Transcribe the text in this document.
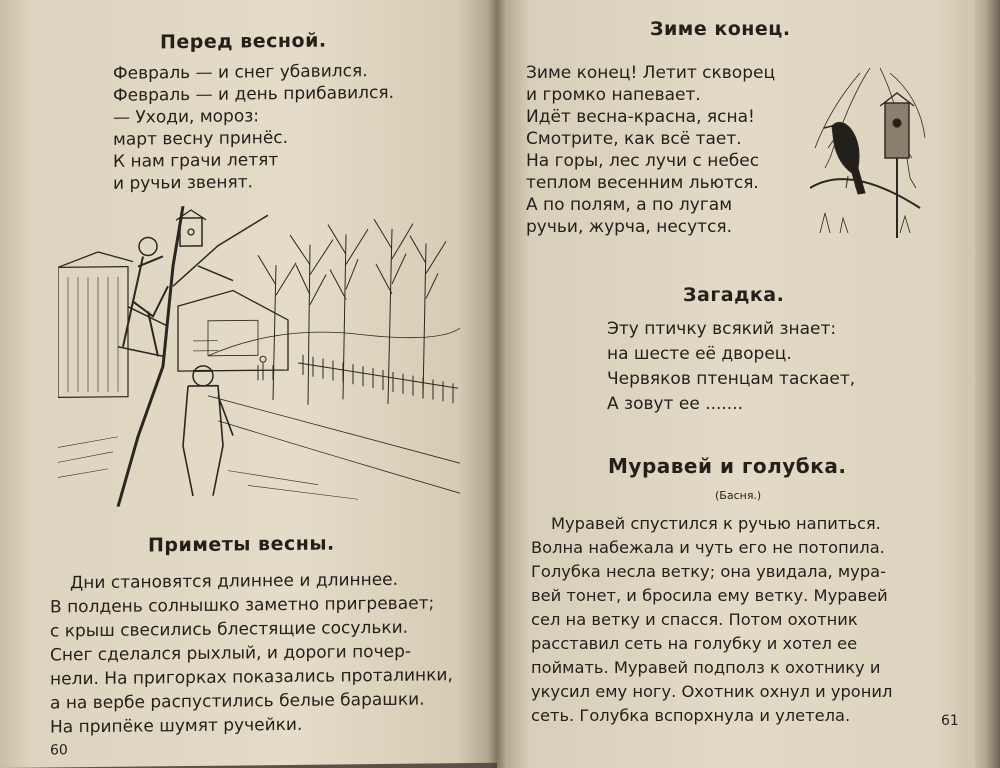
Перед весной.
Февраль — и снег убавился.
Февраль — и день прибавился.
— Уходи, мороз:
март весну принёс.
К нам грачи летят
и ручьи звенят.
Приметы весны.
Дни становятся длиннее и длиннее.
В полдень солнышко заметно пригревает;
с крыш свесились блестящие сосульки.
Снег сделался рыхлый, и дороги почер-
нели. На пригорках показались проталинки,
а на вербе распустились белые барашки.
На припёке шумят ручейки.
60
Зиме конец.
Зиме конец! Летит скворец
и громко напевает.
Идёт весна-красна, ясна!
Смотрите, как всё тает.
На горы, лес лучи с небес
теплом весенним льются.
А по полям, а по лугам
ручьи, журча, несутся.
Загадка.
Эту птичку всякий знает:
на шесте её дворец.
Червяков птенцам таскает,
А зовут ее .......
Муравей и голубка.
(Басня.)
Муравей спустился к ручью напиться.
Волна набежала и чуть его не потопила.
Голубка несла ветку; она увидала, мура-
вей тонет, и бросила ему ветку. Муравей
сел на ветку и спасся. Потом охотник
расставил сеть на голубку и хотел ее
поймать. Муравей подполз к охотнику и
укусил ему ногу. Охотник охнул и уронил
сеть. Голубка вспорхнула и улетела.	61
